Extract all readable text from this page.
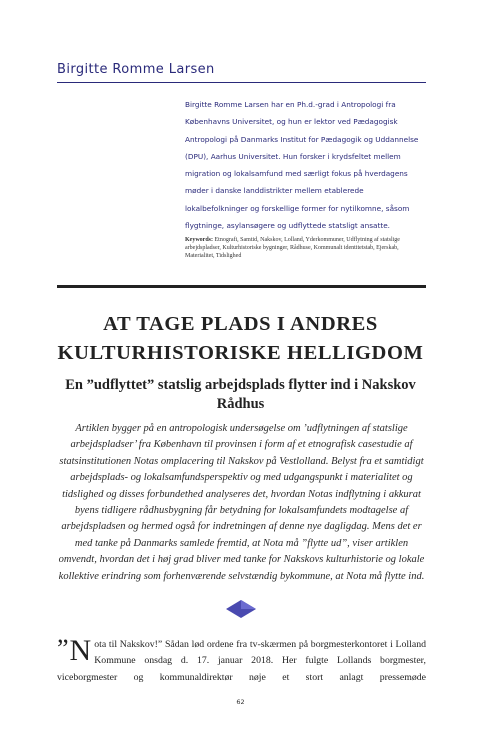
Birgitte Romme Larsen

Birgitte Romme Larsen har en Ph.d.-grad i Antropologi fra Københavns Universitet, og hun er lektor ved Pædagogisk Antropologi på Danmarks Institut for Pædagogik og Uddannelse (DPU), Aarhus Universitet. Hun forsker i krydsfeltet mellem migration og lokalsamfund med særligt fokus på hverdagens møder i danske landdistrikter mellem etablerede lokalbefolkninger og forskellige former for nytilkomne, såsom flygtninge, asylansøgere og udflyttede statsligt ansatte.

Keywords: Etnografi, Samtid, Nakskov, Lolland, Yderkommuner, Udflytning af statslige arbejdspladser, Kulturhistoriske bygninger, Rådhuse, Kommunalt identitetstab, Ejerskab, Materialitet, Tidslighed

AT TAGE PLADS I ANDRES KULTURHISTORISKE HELLIGDOM
En ”udflyttet” statslig arbejdsplads flytter ind i Nakskov Rådhus

Artiklen bygger på en antropologisk undersøgelse om ’udflytningen af statslige arbejdspladser’ fra København til provinsen i form af et etnografisk casestudie af statsinstitutionen Notas omplacering til Nakskov på Vestlolland. Belyst fra et samtidigt arbejdsplads- og lokalsamfundsperspektiv og med udgangspunkt i materialitet og tidslighed og disses forbundethed analyseres det, hvordan Notas indflytning i akkurat byens tidligere rådhusbygning får betydning for lokalsamfundets modtagelse af arbejdspladsen og hermed også for indretningen af denne nye dagligdag. Mens det er med tanke på Danmarks samlede fremtid, at Nota må ”flytte ud”, viser artiklen omvendt, hvordan det i høj grad bliver med tanke for Nakskovs kulturhistorie og lokale kollektive erindring som forhenværende selvstændig bykommune, at Nota må flytte ind.

” N ota til Nakskov!” Sådan lød ordene fra tv-skærmen på borgmesterkontoret i Lolland Kommune onsdag d. 17. januar 2018. Her fulgte Lollands borgmester, viceborgmester og kommunaldirektør nøje et stort anlagt pressemøde

62
